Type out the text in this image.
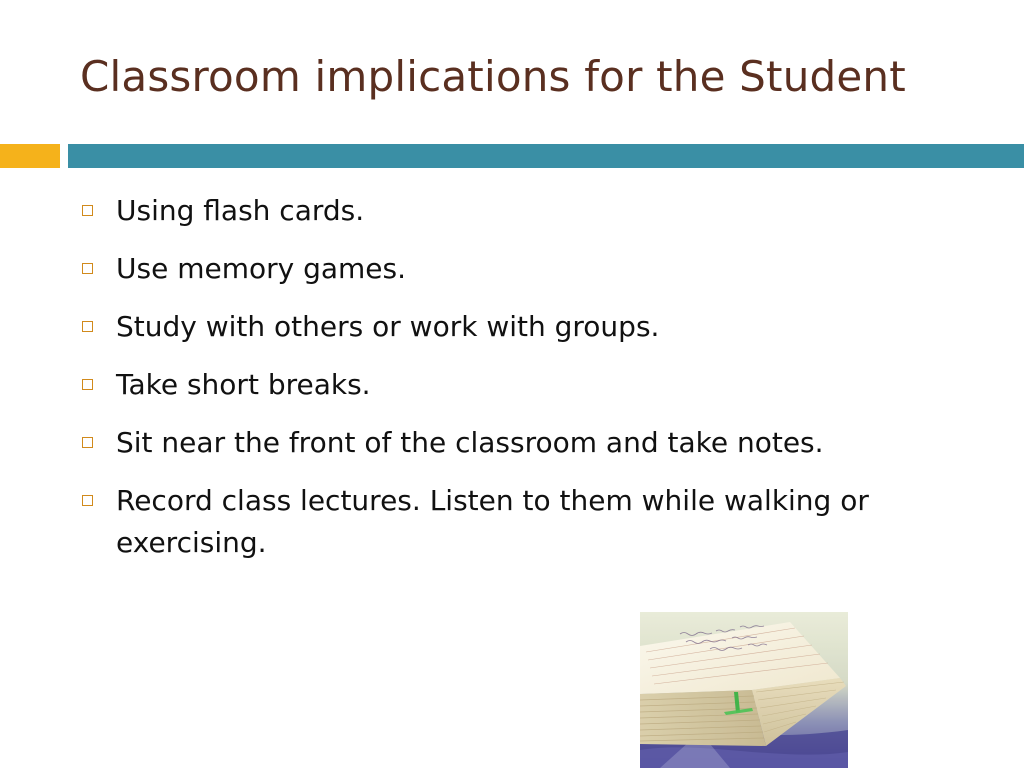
Classroom implications for the Student
Using flash cards.
Use memory games.
Study with others or work with groups.
Take short breaks.
Sit near the front of the classroom and take notes.
Record class lectures. Listen to them while walking or exercising.
